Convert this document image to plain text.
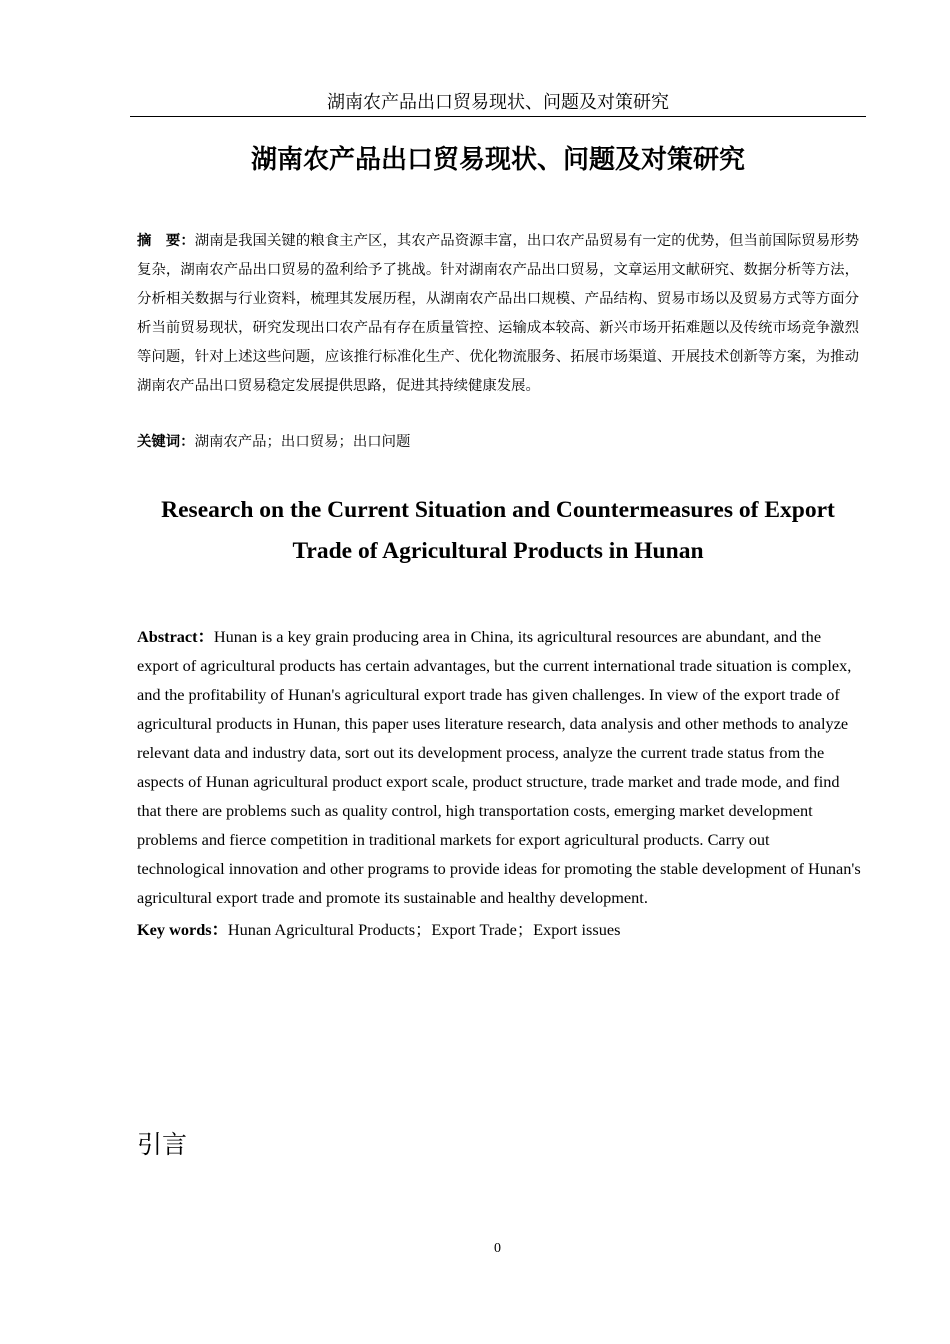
湖南农产品出口贸易现状、问题及对策研究
湖南农产品出口贸易现状、问题及对策研究
摘　要：湖南是我国关键的粮食主产区，其农产品资源丰富，出口农产品贸易有一定的优势，但当前国际贸易形势复杂，湖南农产品出口贸易的盈利给予了挑战。针对湖南农产品出口贸易，文章运用文献研究、数据分析等方法，分析相关数据与行业资料，梳理其发展历程，从湖南农产品出口规模、产品结构、贸易市场以及贸易方式等方面分析当前贸易现状，研究发现出口农产品有存在质量管控、运输成本较高、新兴市场开拓难题以及传统市场竞争激烈等问题，针对上述这些问题，应该推行标准化生产、优化物流服务、拓展市场渠道、开展技术创新等方案，为推动湖南农产品出口贸易稳定发展提供思路，促进其持续健康发展。
关键词：湖南农产品；出口贸易；出口问题
Research on the Current Situation and Countermeasures of Export Trade of Agricultural Products in Hunan
Abstract：Hunan is a key grain producing area in China, its agricultural resources are abundant, and the export of agricultural products has certain advantages, but the current international trade situation is complex, and the profitability of Hunan's agricultural export trade has given challenges. In view of the export trade of agricultural products in Hunan, this paper uses literature research, data analysis and other methods to analyze relevant data and industry data, sort out its development process, analyze the current trade status from the aspects of Hunan agricultural product export scale, product structure, trade market and trade mode, and find that there are problems such as quality control, high transportation costs, emerging market development problems and fierce competition in traditional markets for export agricultural products. Carry out technological innovation and other programs to provide ideas for promoting the stable development of Hunan's agricultural export trade and promote its sustainable and healthy development.
Key words：Hunan Agricultural Products；Export Trade；Export issues
引言
0
